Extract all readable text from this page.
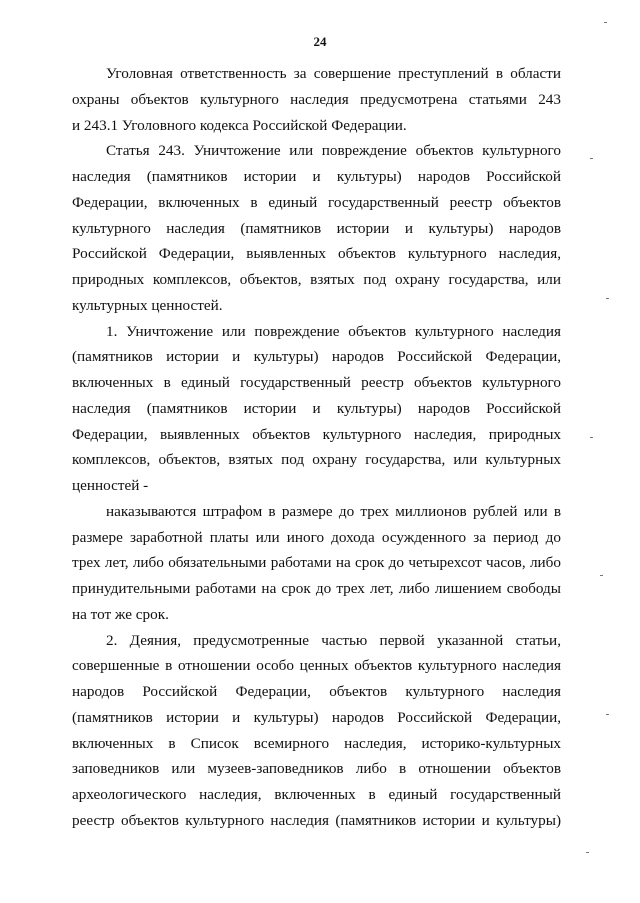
24
Уголовная ответственность за совершение преступлений в области
охраны объектов культурного наследия предусмотрена статьями 243
и 243.1 Уголовного кодекса Российской Федерации.
Статья 243. Уничтожение или повреждение объектов культурного
наследия (памятников истории и культуры) народов Российской
Федерации, включенных в единый государственный реестр объектов
культурного наследия (памятников истории и культуры) народов
Российской Федерации, выявленных объектов культурного наследия,
природных комплексов, объектов, взятых под охрану государства, или
культурных ценностей.
1. Уничтожение или повреждение объектов культурного наследия
(памятников истории и культуры) народов Российской Федерации,
включенных в единый государственный реестр объектов культурного
наследия (памятников истории и культуры) народов Российской
Федерации, выявленных объектов культурного наследия, природных
комплексов, объектов, взятых под охрану государства, или культурных
ценностей -
наказываются штрафом в размере до трех миллионов рублей или в
размере заработной платы или иного дохода осужденного за период до
трех лет, либо обязательными работами на срок до четырехсот часов, либо
принудительными работами на срок до трех лет, либо лишением свободы
на тот же срок.
2. Деяния, предусмотренные частью первой указанной статьи,
совершенные в отношении особо ценных объектов культурного наследия
народов Российской Федерации, объектов культурного наследия
(памятников истории и культуры) народов Российской Федерации,
включенных в Список всемирного наследия, историко-культурных
заповедников или музеев-заповедников либо в отношении объектов
археологического наследия, включенных в единый государственный
реестр объектов культурного наследия (памятников истории и культуры)
